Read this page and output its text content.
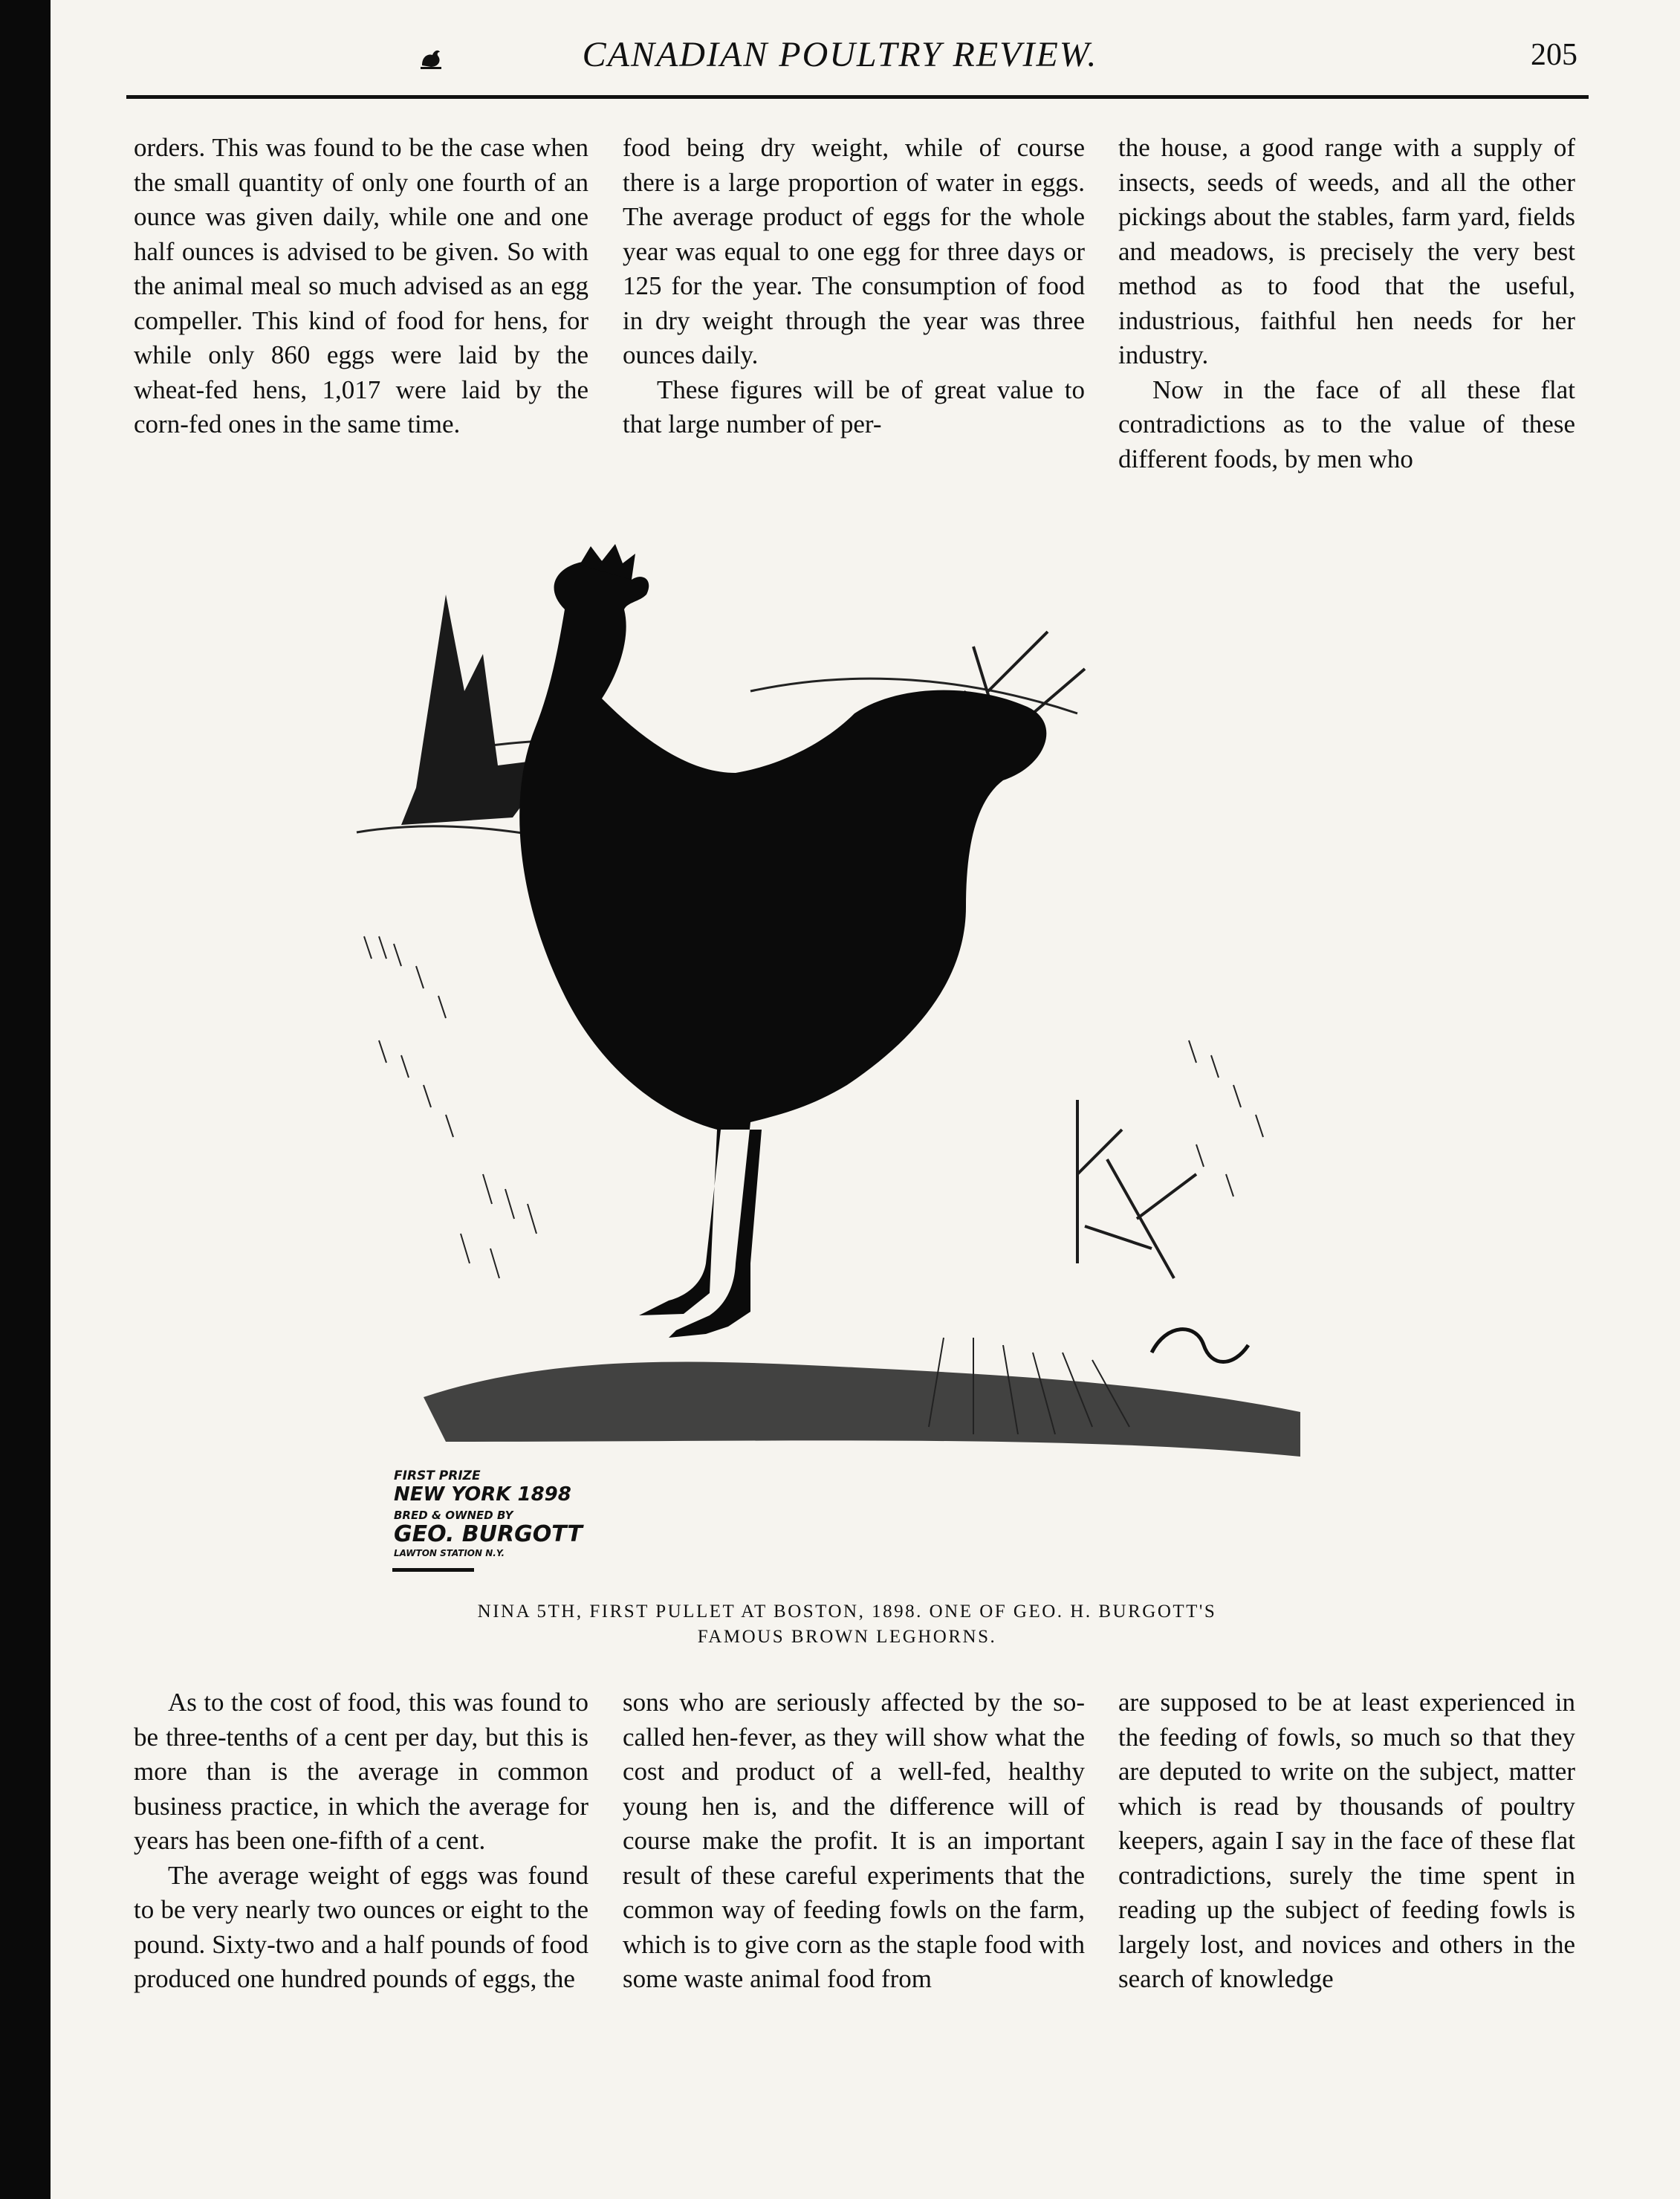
CANADIAN POULTRY REVIEW.	205

orders. This was found to be the case when the small quantity of only one fourth of an ounce was given daily, while one and one half ounces is advised to be given. So with the animal meal so much advised as an egg compeller. This kind of food for hens, for while only 860 eggs were laid by the wheat-fed hens, 1,017 were laid by the corn-fed ones in the same time.

food being dry weight, while of course there is a large proportion of water in eggs. The average product of eggs for the whole year was equal to one egg for three days or 125 for the year. The consumption of food in dry weight through the year was three ounces daily.

These figures will be of great value to that large number of per-

the house, a good range with a supply of insects, seeds of weeds, and all the other pickings about the stables, farm yard, fields and meadows, is precisely the very best method as to food that the useful, industrious, faithful hen needs for her industry.

Now in the face of all these flat contradictions as to the value of these different foods, by men who

FIRST PRIZE
NEW YORK 1898
BRED & OWNED BY
GEO. BURGOTT
LAWTON STATION N.Y.
NINA 5TH, FIRST PULLET AT BOSTON, 1898. ONE OF GEO. H. BURGOTT'S
FAMOUS BROWN LEGHORNS.

As to the cost of food, this was found to be three-tenths of a cent per day, but this is more than is the average in common business practice, in which the average for years has been one-fifth of a cent.

The average weight of eggs was found to be very nearly two ounces or eight to the pound. Sixty-two and a half pounds of food produced one hundred pounds of eggs, the

sons who are seriously affected by the so-called hen-fever, as they will show what the cost and product of a well-fed, healthy young hen is, and the difference will of course make the profit. It is an important result of these careful experiments that the common way of feeding fowls on the farm, which is to give corn as the staple food with some waste animal food from

are supposed to be at least experienced in the feeding of fowls, so much so that they are deputed to write on the subject, matter which is read by thousands of poultry keepers, again I say in the face of these flat contradictions, surely the time spent in reading up the subject of feeding fowls is largely lost, and novices and others in the search of knowledge
